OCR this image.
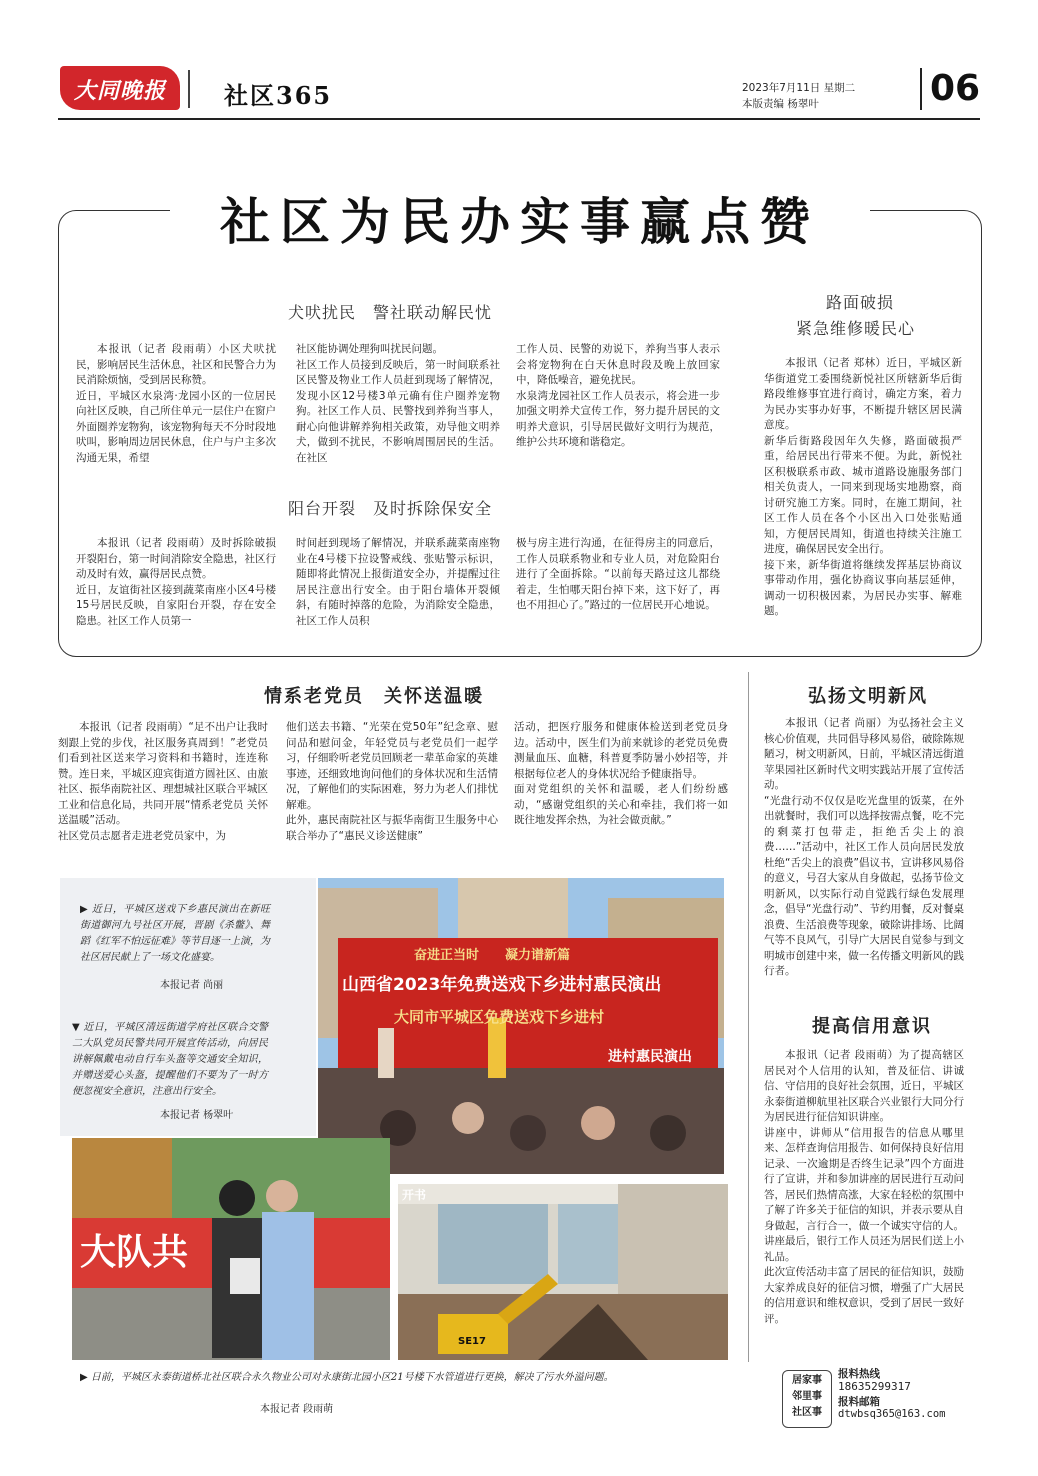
大同晚报 社区365	2023年7月11日 星期二
本版责编 杨翠叶	06
社区为民办实事赢点赞
犬吠扰民　警社联动解民忧
本报讯（记者 段雨萌）小区犬吠扰民，影响居民生活休息，社区和民警合力为民消除烦恼，受到居民称赞。
近日，平城区水泉湾·龙园小区的一位居民向社区反映，自己所住单元一层住户在窗户外面圈养宠物狗，该宠物狗每天不分时段地吠叫，影响周边居民休息，住户与户主多次沟通无果，希望
社区能协调处理狗叫扰民问题。
社区工作人员接到反映后，第一时间联系社区民警及物业工作人员赶到现场了解情况，发现小区12号楼3单元确有住户圈养宠物狗。社区工作人员、民警找到养狗当事人，耐心向他讲解养狗相关政策，劝导他文明养犬，做到不扰民，不影响周围居民的生活。在社区
工作人员、民警的劝说下，养狗当事人表示会将宠物狗在白天休息时段及晚上放回家中，降低噪音，避免扰民。
水泉湾龙园社区工作人员表示，将会进一步加强文明养犬宣传工作，努力提升居民的文明养犬意识，引导居民做好文明行为规范，维护公共环境和谐稳定。
阳台开裂　及时拆除保安全
本报讯（记者 段雨萌）及时拆除破损开裂阳台，第一时间消除安全隐患，社区行动及时有效，赢得居民点赞。
近日，友谊街社区接到蔬菜南座小区4号楼15号居民反映，自家阳台开裂，存在安全隐患。社区工作人员第一
时间赶到现场了解情况，并联系蔬菜南座物业在4号楼下拉设警戒线、张贴警示标识，随即将此情况上报街道安全办，并提醒过往居民注意出行安全。由于阳台墙体开裂倾斜，有随时掉落的危险，为消除安全隐患，社区工作人员积
极与房主进行沟通，在征得房主的同意后，工作人员联系物业和专业人员，对危险阳台进行了全面拆除。“以前每天路过这儿都绕着走，生怕哪天阳台掉下来，这下好了，再也不用担心了。”路过的一位居民开心地说。
路面破损
紧急维修暖民心
本报讯（记者 郑林）近日，平城区新华街道党工委围绕新悦社区所辖新华后街路段维修事宜进行商讨，确定方案，着力为民办实事办好事，不断提升辖区居民满意度。
新华后街路段因年久失修，路面破损严重，给居民出行带来不便。为此，新悦社区积极联系市政、城市道路设施服务部门相关负责人，一同来到现场实地勘察，商讨研究施工方案。同时，在施工期间，社区工作人员在各个小区出入口处张贴通知，方便居民周知，街道也持续关注施工进度，确保居民安全出行。
接下来，新华街道将继续发挥基层协商议事带动作用，强化协商议事向基层延伸，调动一切积极因素，为居民办实事、解难题。
情系老党员　关怀送温暖
本报讯（记者 段雨萌）“足不出户让我时刻跟上党的步伐，社区服务真周到！”老党员们看到社区送来学习资料和书籍时，连连称赞。连日来，平城区迎宾街道方圆社区、由旅社区、振华南院社区、理想城社区联合平城区工业和信息化局，共同开展“情系老党员 关怀送温暖”活动。
社区党员志愿者走进老党员家中，为
他们送去书籍、“光荣在党50年”纪念章、慰问品和慰问金，年轻党员与老党员们一起学习，仔细聆听老党员回顾老一辈革命家的英雄事迹，还细致地询问他们的身体状况和生活情况，了解他们的实际困难，努力为老人们排忧解难。
此外，惠民南院社区与振华南街卫生服务中心联合举办了“惠民义诊送健康”
活动，把医疗服务和健康体检送到老党员身边。活动中，医生们为前来就诊的老党员免费测量血压、血糖，科普夏季防暑小妙招等，并根据每位老人的身体状况给予健康指导。
面对党组织的关怀和温暖，老人们纷纷感动，“感谢党组织的关心和牵挂，我们将一如既往地发挥余热，为社会做贡献。”
弘扬文明新风
本报讯（记者 尚丽）为弘扬社会主义核心价值观，共同倡导移风易俗，破除陈规陋习，树文明新风，日前，平城区清远街道苹果园社区新时代文明实践站开展了宣传活动。
“光盘行动不仅仅是吃光盘里的饭菜，在外出就餐时，我们可以选择按需点餐，吃不完的剩菜打包带走，拒绝舌尖上的浪费……”活动中，社区工作人员向居民发放杜绝“舌尖上的浪费”倡议书，宣讲移风易俗的意义，号召大家从自身做起，弘扬节俭文明新风，以实际行动自觉践行绿色发展理念，倡导“光盘行动”、节约用餐，反对餐桌浪费、生活浪费等现象，破除讲排场、比阔气等不良风气，引导广大居民自觉参与到文明城市创建中来，做一名传播文明新风的践行者。
提高信用意识
本报讯（记者 段雨萌）为了提高辖区居民对个人信用的认知，普及征信、讲诚信、守信用的良好社会氛围，近日，平城区永泰街道柳航里社区联合兴业银行大同分行为居民进行征信知识讲座。
讲座中，讲师从“信用报告的信息从哪里来、怎样查询信用报告、如何保持良好信用记录、一次逾期是否终生记录”四个方面进行了宣讲，并和参加讲座的居民进行互动问答，居民们热情高涨，大家在轻松的氛围中了解了许多关于征信的知识，并表示要从自身做起，言行合一，做一个诚实守信的人。讲座最后，银行工作人员还为居民们送上小礼品。
此次宣传活动丰富了居民的征信知识，鼓励大家养成良好的征信习惯，增强了广大居民的信用意识和维权意识，受到了居民一致好评。
▶ 近日，平城区送戏下乡惠民演出在新旺街道御河九号社区开展，晋剧《杀鳖》、舞蹈《红军不怕远征难》等节目逐一上演，为社区居民献上了一场文化盛宴。
本报记者 尚丽
▼ 近日，平城区清远街道学府社区联合交警二大队党员民警共同开展宣传活动，向居民讲解佩戴电动自行车头盔等交通安全知识，并赠送爱心头盔，提醒他们不要为了一时方便忽视安全意识，注意出行安全。
本报记者 杨翠叶
奋进正当时　　凝力谱新篇
山西省2023年免费送戏下乡进村惠民演出
大同市平城区免费送戏下乡进村
进村惠民演出
大队共
开书
SE17
▶ 日前，平城区永泰街道桥北社区联合永久物业公司对永康街北园小区21号楼下水管道进行更换，解决了污水外溢问题。
本报记者 段雨萌
居家事
邻里事
社区事
报料热线
18635299317
报料邮箱
dtwbsq365@163.com
